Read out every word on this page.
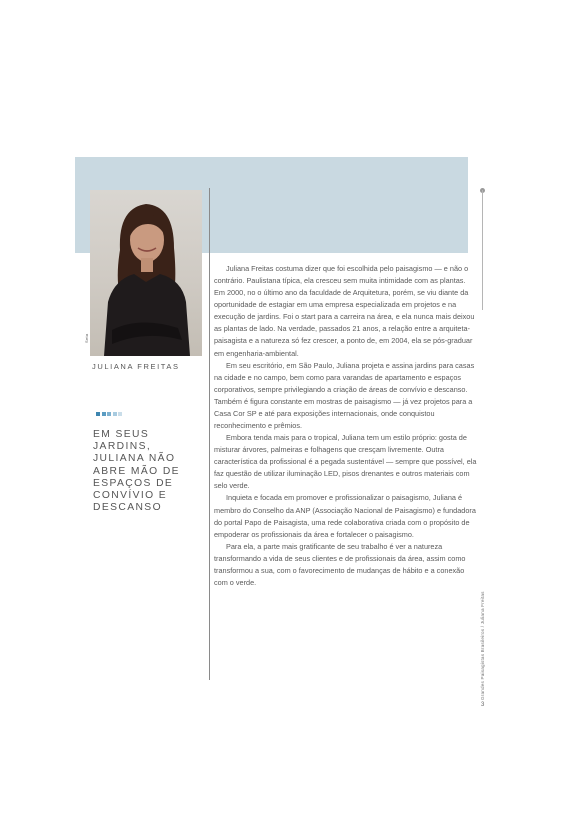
Seta
JULIANA FREITAS
EM SEUS JARDINS, JULIANA NÃO ABRE MÃO DE ESPAÇOS DE CONVÍVIO E DESCANSO

Juliana Freitas costuma dizer que foi escolhida pelo paisagismo — e não o contrário. Paulistana típica, ela cresceu sem muita intimidade com as plantas. Em 2000, no o último ano da faculdade de Arquitetura, porém, se viu diante da oportunidade de estagiar em uma empresa especializada em projetos e na execução de jardins. Foi o start para a carreira na área, e ela nunca mais deixou as plantas de lado. Na verdade, passados 21 anos, a relação entre a arquiteta-paisagista e a natureza só fez crescer, a ponto de, em 2004, ela se pós-graduar em engenharia-ambiental.

Em seu escritório, em São Paulo, Juliana projeta e assina jardins para casas na cidade e no campo, bem como para varandas de apartamento e espaços corporativos, sempre privilegiando a criação de áreas de convívio e descanso. Também é figura constante em mostras de paisagismo — já vez projetos para a Casa Cor SP e até para exposições internacionais, onde conquistou reconhecimento e prêmios.

Embora tenda mais para o tropical, Juliana tem um estilo próprio: gosta de misturar árvores, palmeiras e folhagens que cresçam livremente. Outra característica da profissional é a pegada sustentável — sempre que possível, ela faz questão de utilizar iluminação LED, pisos drenantes e outros materiais com selo verde.

Inquieta e focada em promover e profissionalizar o paisagismo, Juliana é membro do Conselho da ANP (Associação Nacional de Paisagismo) e fundadora do portal Papo de Paisagista, uma rede colaborativa criada com o propósito de empoderar os profissionais da área e fortalecer o paisagismo.

Para ela, a parte mais gratificante de seu trabalho é ver a natureza transformando a vida de seus clientes e de profissionais da área, assim como transformou a sua, com o favorecimento de mudanças de hábito e a conexão com o verde.

Grandes Paisagistas Brasileiros / Juliana Freitas
3
